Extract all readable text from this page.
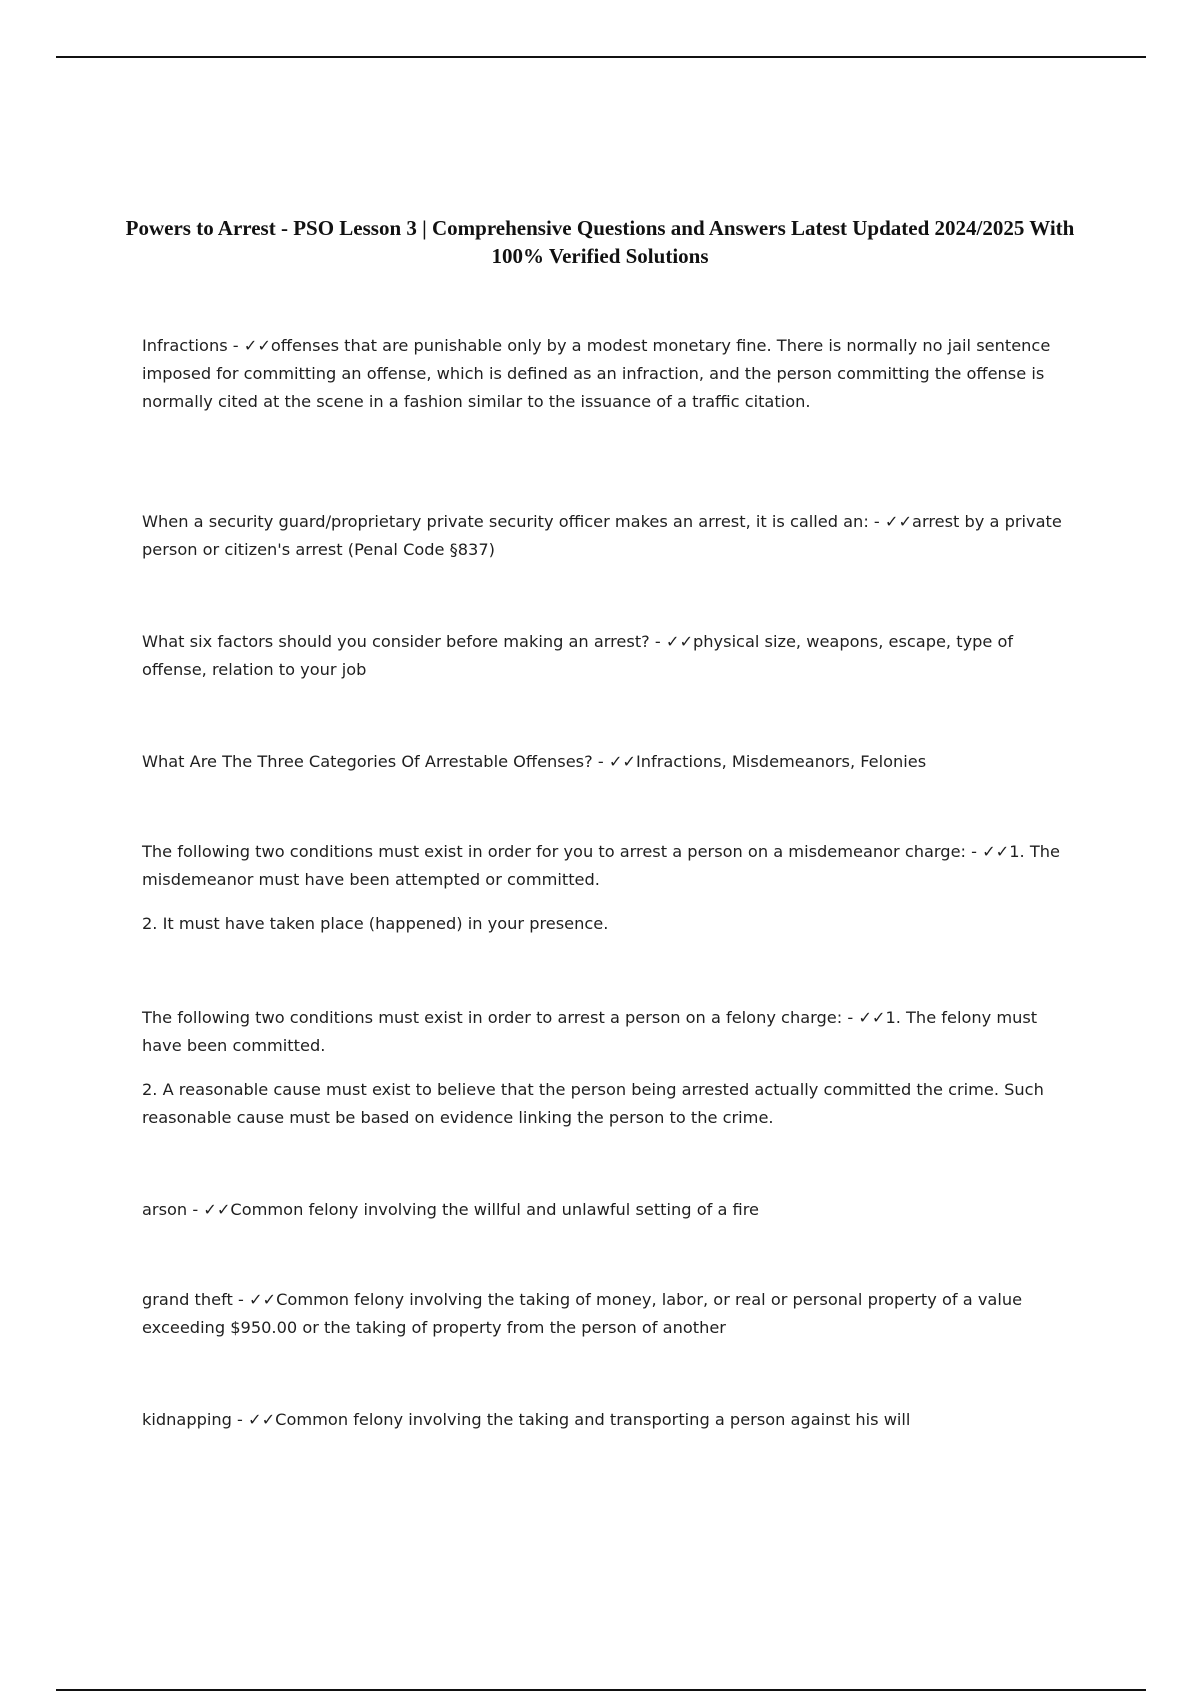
Powers to Arrest - PSO Lesson 3 | Comprehensive Questions and Answers Latest Updated 2024/2025 With 100% Verified Solutions

Infractions - ✓✓offenses that are punishable only by a modest monetary fine. There is normally no jail sentence imposed for committing an offense, which is defined as an infraction, and the person committing the offense is normally cited at the scene in a fashion similar to the issuance of a traffic citation.

When a security guard/proprietary private security officer makes an arrest, it is called an: - ✓✓arrest by a private person or citizen's arrest (Penal Code §837)

What six factors should you consider before making an arrest? - ✓✓physical size, weapons, escape, type of offense, relation to your job

What Are The Three Categories Of Arrestable Offenses? - ✓✓Infractions, Misdemeanors, Felonies

The following two conditions must exist in order for you to arrest a person on a misdemeanor charge: - ✓✓1. The misdemeanor must have been attempted or committed.

2. It must have taken place (happened) in your presence.

The following two conditions must exist in order to arrest a person on a felony charge: - ✓✓1. The felony must have been committed.

2. A reasonable cause must exist to believe that the person being arrested actually committed the crime. Such reasonable cause must be based on evidence linking the person to the crime.

arson - ✓✓Common felony involving the willful and unlawful setting of a fire

grand theft - ✓✓Common felony involving the taking of money, labor, or real or personal property of a value exceeding $950.00 or the taking of property from the person of another

kidnapping - ✓✓Common felony involving the taking and transporting a person against his will
